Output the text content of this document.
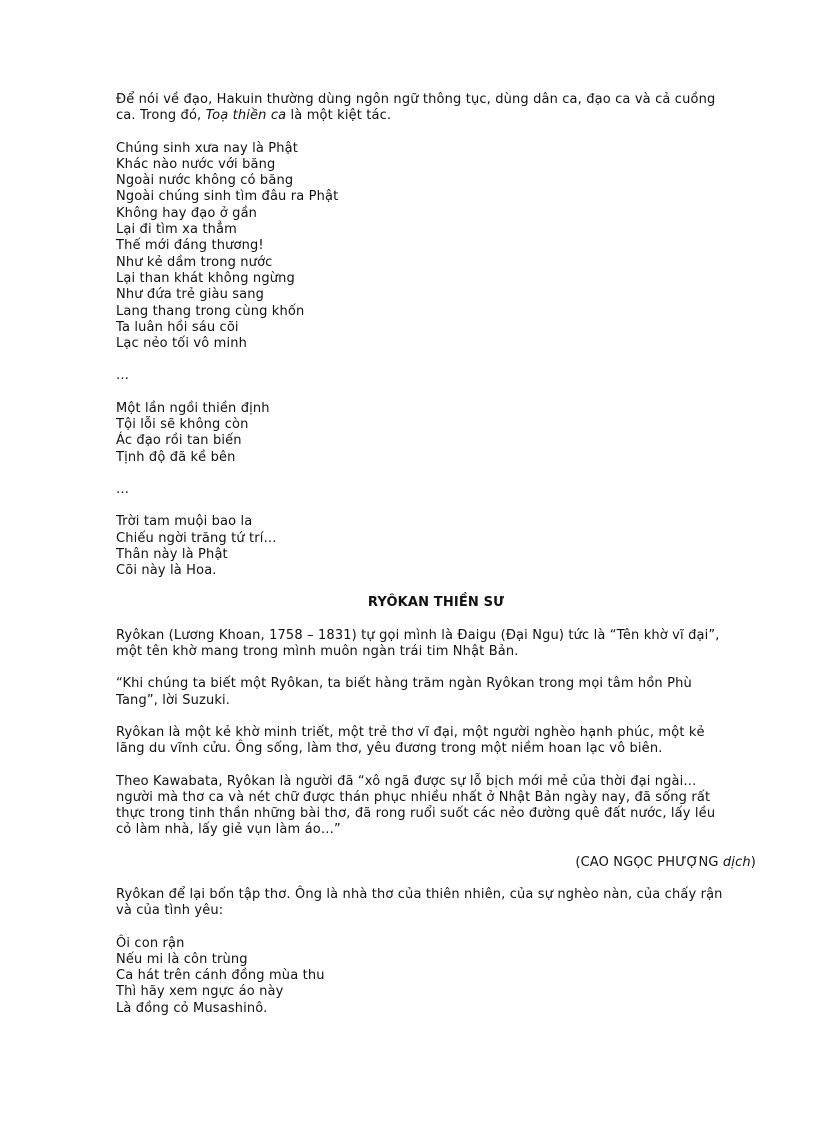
Để nói về đạo, Hakuin thường dùng ngôn ngữ thông tục, dùng dân ca, đạo ca và cả cuồng
ca. Trong đó, Toạ thiền ca là một kiệt tác.

Chúng sinh xưa nay là Phật

Khác nào nước với băng

Ngoài nước không có băng

Ngoài chúng sinh tìm đâu ra Phật

Không hay đạo ở gần

Lại đi tìm xa thẳm

Thế mới đáng thương!

Như kẻ dầm trong nước

Lại than khát không ngừng

Như đứa trẻ giàu sang

Lang thang trong cùng khốn

Ta luân hồi sáu cõi

Lạc nẻo tối vô minh

…

Một lần ngồi thiền định

Tội lỗi sẽ không còn

Ác đạo rồi tan biến

Tịnh độ đã kề bên

…

Trời tam muội bao la

Chiếu ngời trăng tứ trí…

Thân này là Phật

Cõi này là Hoa.

RYÔKAN THIỀN SƯ

Ryôkan (Lương Khoan, 1758 – 1831) tự gọi mình là Đaigu (Đại Ngu) tức là “Tên khờ vĩ đại”,
một tên khờ mang trong mình muôn ngàn trái tim Nhật Bản.

“Khi chúng ta biết một Ryôkan, ta biết hàng trăm ngàn Ryôkan trong mọi tâm hồn Phù
Tang”, lời Suzuki.

Ryôkan là một kẻ khờ minh triết, một trẻ thơ vĩ đại, một người nghèo hạnh phúc, một kẻ
lãng du vĩnh cửu. Ông sống, làm thơ, yêu đương trong một niềm hoan lạc vô biên.

Theo Kawabata, Ryôkan là người đã “xô ngã được sự lỗ bịch mới mẻ của thời đại ngài…
người mà thơ ca và nét chữ được thán phục nhiều nhất ở Nhật Bản ngày nay, đã sống rất
thực trong tinh thần những bài thơ, đã rong ruổi suốt các nẻo đường quê đất nước, lấy lều
cỏ làm nhà, lấy giẻ vụn làm áo…”

(CAO NGỌC PHƯỢNG dịch)

Ryôkan để lại bốn tập thơ. Ông là nhà thơ của thiên nhiên, của sự nghèo nàn, của chấy rận
và của tình yêu:

Ôi con rận

Nếu mi là côn trùng

Ca hát trên cánh đồng mùa thu

Thì hãy xem ngực áo này

Là đồng cỏ Musashinô.
